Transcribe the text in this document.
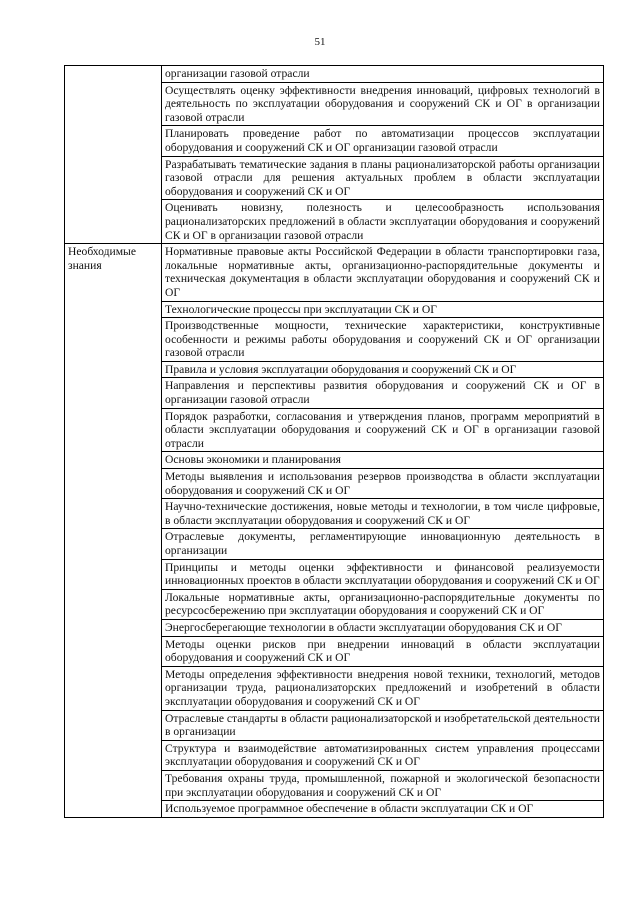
51
	организации газовой отрасли
	Осуществлять оценку эффективности внедрения инноваций, цифровых технологий в деятельность по эксплуатации оборудования и сооружений СК и ОГ в организации газовой отрасли
	Планировать проведение работ по автоматизации процессов эксплуатации оборудования и сооружений СК и ОГ организации газовой отрасли
	Разрабатывать тематические задания в планы рационализаторской работы организации газовой отрасли для решения актуальных проблем в области эксплуатации оборудования и сооружений СК и ОГ
	Оценивать новизну, полезность и целесообразность использования рационализаторских предложений в области эксплуатации оборудования и сооружений СК и ОГ в организации газовой отрасли
Необходимые знания	Нормативные правовые акты Российской Федерации в области транспортировки газа, локальные нормативные акты, организационно-распорядительные документы и техническая документация в области эксплуатации оборудования и сооружений СК и ОГ
	Технологические процессы при эксплуатации СК и ОГ
	Производственные мощности, технические характеристики, конструктивные особенности и режимы работы оборудования и сооружений СК и ОГ организации газовой отрасли
	Правила и условия эксплуатации оборудования и сооружений СК и ОГ
	Направления и перспективы развития оборудования и сооружений СК и ОГ в организации газовой отрасли
	Порядок разработки, согласования и утверждения планов, программ мероприятий в области эксплуатации оборудования и сооружений СК и ОГ в организации газовой отрасли
	Основы экономики и планирования
	Методы выявления и использования резервов производства в области эксплуатации оборудования и сооружений СК и ОГ
	Научно-технические достижения, новые методы и технологии, в том числе цифровые, в области эксплуатации оборудования и сооружений СК и ОГ
	Отраслевые документы, регламентирующие инновационную деятельность в организации
	Принципы и методы оценки эффективности и финансовой реализуемости инновационных проектов в области эксплуатации оборудования и сооружений СК и ОГ
	Локальные нормативные акты, организационно-распорядительные документы по ресурсосбережению при эксплуатации оборудования и сооружений СК и ОГ
	Энергосберегающие технологии в области эксплуатации оборудования СК и ОГ
	Методы оценки рисков при внедрении инноваций в области эксплуатации оборудования и сооружений СК и ОГ
	Методы определения эффективности внедрения новой техники, технологий, методов организации труда, рационализаторских предложений и изобретений в области эксплуатации оборудования и сооружений СК и ОГ
	Отраслевые стандарты в области рационализаторской и изобретательской деятельности в организации
	Структура и взаимодействие автоматизированных систем управления процессами эксплуатации оборудования и сооружений СК и ОГ
	Требования охраны труда, промышленной, пожарной и экологической безопасности при эксплуатации оборудования и сооружений СК и ОГ
	Используемое программное обеспечение в области эксплуатации СК и ОГ
